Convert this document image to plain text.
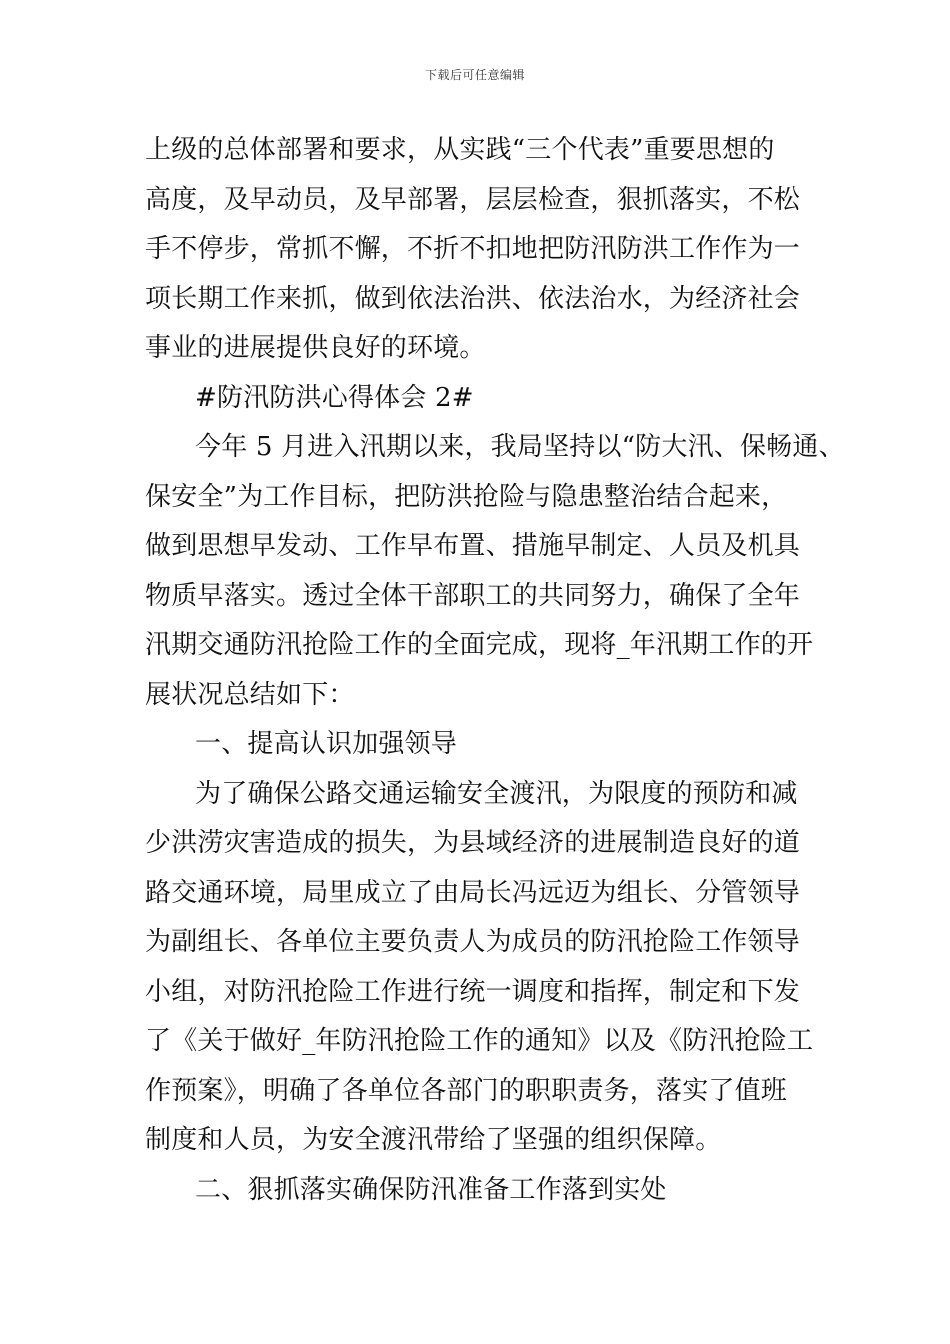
下载后可任意编辑
上级的总体部署和要求，从实践“三个代表”重要思想的
高度，及早动员，及早部署，层层检查，狠抓落实，不松
手不停步，常抓不懈，不折不扣地把防汛防洪工作作为一
项长期工作来抓，做到依法治洪、依法治水，为经济社会
事业的进展提供良好的环境。
#防汛防洪心得体会 2#
今年 5 月进入汛期以来，我局坚持以“防大汛、保畅通、
保安全”为工作目标，把防洪抢险与隐患整治结合起来，
做到思想早发动、工作早布置、措施早制定、人员及机具
物质早落实。透过全体干部职工的共同努力，确保了全年
汛期交通防汛抢险工作的全面完成，现将_年汛期工作的开
展状况总结如下：
一、提高认识加强领导
为了确保公路交通运输安全渡汛，为限度的预防和减
少洪涝灾害造成的损失，为县域经济的进展制造良好的道
路交通环境，局里成立了由局长冯远迈为组长、分管领导
为副组长、各单位主要负责人为成员的防汛抢险工作领导
小组，对防汛抢险工作进行统一调度和指挥，制定和下发
了《关于做好_年防汛抢险工作的通知》以及《防汛抢险工
作预案》，明确了各单位各部门的职职责务，落实了值班
制度和人员，为安全渡汛带给了坚强的组织保障。
二、狠抓落实确保防汛准备工作落到实处
